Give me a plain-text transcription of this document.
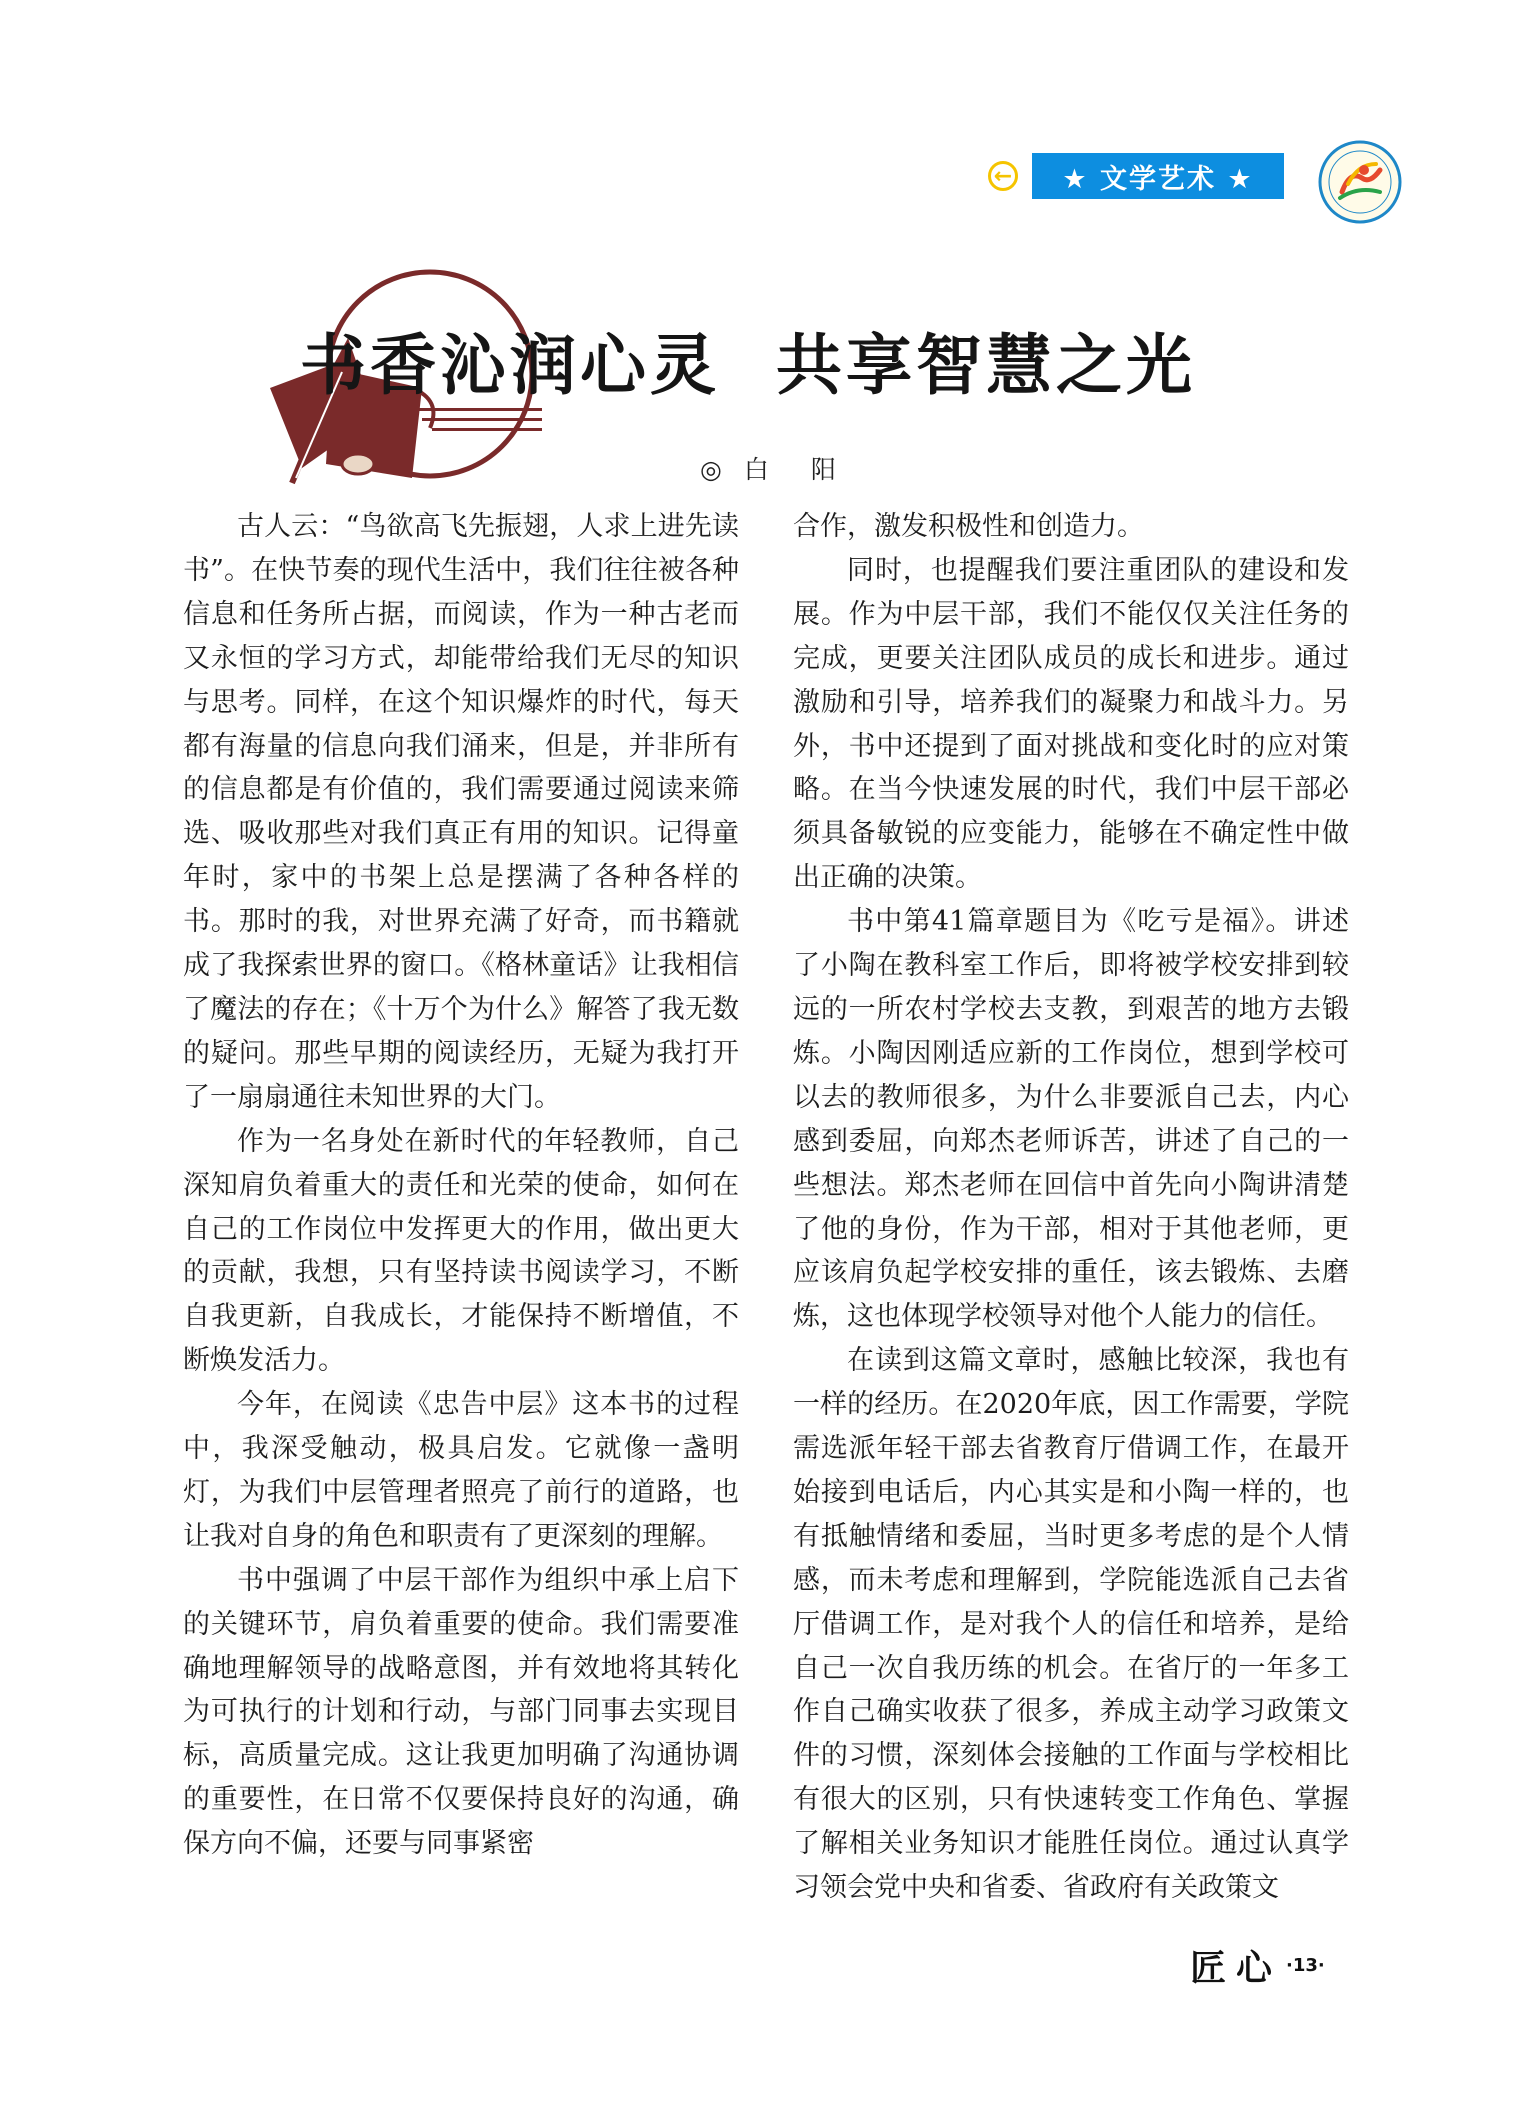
←	★ 文学艺术 ★
书香沁润心灵 共享智慧之光
◎ 白 阳

古人云：“鸟欲高飞先振翅，人求上进先读书”。在快节奏的现代生活中，我们往往被各种信息和任务所占据，而阅读，作为一种古老而又永恒的学习方式，却能带给我们无尽的知识与思考。同样，在这个知识爆炸的时代，每天都有海量的信息向我们涌来，但是，并非所有的信息都是有价值的，我们需要通过阅读来筛选、吸收那些对我们真正有用的知识。记得童年时，家中的书架上总是摆满了各种各样的书。那时的我，对世界充满了好奇，而书籍就成了我探索世界的窗口。《格林童话》让我相信了魔法的存在；《十万个为什么》解答了我无数的疑问。那些早期的阅读经历，无疑为我打开了一扇扇通往未知世界的大门。

作为一名身处在新时代的年轻教师，自己深知肩负着重大的责任和光荣的使命，如何在自己的工作岗位中发挥更大的作用，做出更大的贡献，我想，只有坚持读书阅读学习，不断自我更新，自我成长，才能保持不断增值，不断焕发活力。

今年，在阅读《忠告中层》这本书的过程中，我深受触动，极具启发。它就像一盏明灯，为我们中层管理者照亮了前行的道路，也让我对自身的角色和职责有了更深刻的理解。

书中强调了中层干部作为组织中承上启下的关键环节，肩负着重要的使命。我们需要准确地理解领导的战略意图，并有效地将其转化为可执行的计划和行动，与部门同事去实现目标，高质量完成。这让我更加明确了沟通协调的重要性，在日常不仅要保持良好的沟通，确保方向不偏，还要与同事紧密

合作，激发积极性和创造力。

同时，也提醒我们要注重团队的建设和发展。作为中层干部，我们不能仅仅关注任务的完成，更要关注团队成员的成长和进步。通过激励和引导，培养我们的凝聚力和战斗力。另外，书中还提到了面对挑战和变化时的应对策略。在当今快速发展的时代，我们中层干部必须具备敏锐的应变能力，能够在不确定性中做出正确的决策。

书中第41篇章题目为《吃亏是福》。讲述了小陶在教科室工作后，即将被学校安排到较远的一所农村学校去支教，到艰苦的地方去锻炼。小陶因刚适应新的工作岗位，想到学校可以去的教师很多，为什么非要派自己去，内心感到委屈，向郑杰老师诉苦，讲述了自己的一些想法。郑杰老师在回信中首先向小陶讲清楚了他的身份，作为干部，相对于其他老师，更应该肩负起学校安排的重任，该去锻炼、去磨炼，这也体现学校领导对他个人能力的信任。

在读到这篇文章时，感触比较深，我也有一样的经历。在2020年底，因工作需要，学院需选派年轻干部去省教育厅借调工作，在最开始接到电话后，内心其实是和小陶一样的，也有抵触情绪和委屈，当时更多考虑的是个人情感，而未考虑和理解到，学院能选派自己去省厅借调工作，是对我个人的信任和培养，是给自己一次自我历练的机会。在省厅的一年多工作自己确实收获了很多，养成主动学习政策文件的习惯，深刻体会接触的工作面与学校相比有很大的区别，只有快速转变工作角色、掌握了解相关业务知识才能胜任岗位。通过认真学习领会党中央和省委、省政府有关政策文

匠心 ·13·
